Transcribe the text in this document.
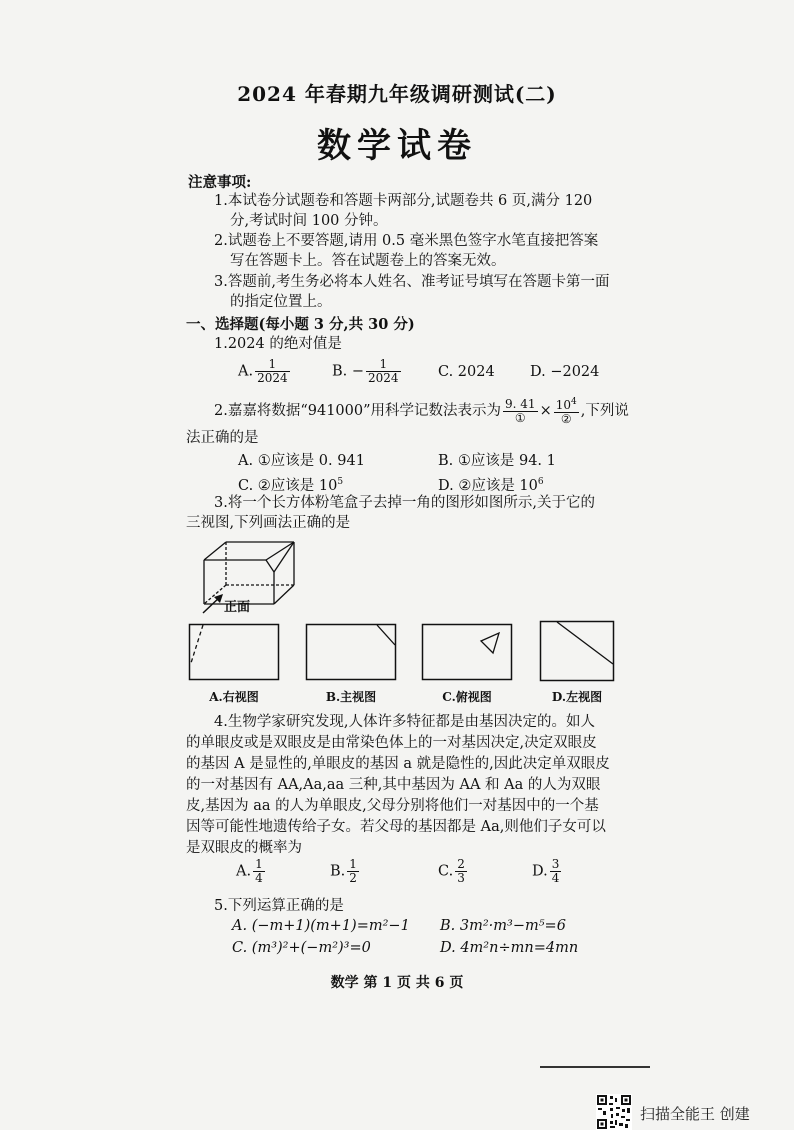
2024 年春期九年级调研测试(二)
数学试卷
注意事项:
1.本试卷分试题卷和答题卡两部分,试题卷共 6 页,满分 120
分,考试时间 100 分钟。
2.试题卷上不要答题,请用 0.5 毫米黑色签字水笔直接把答案
写在答题卡上。答在试题卷上的答案无效。
3.答题前,考生务必将本人姓名、准考证号填写在答题卡第一面
的指定位置上。
一、选择题(每小题 3 分,共 30 分)
1.2024 的绝对值是
A. $\frac{1}{2024}$	B. − $\frac{1}{2024}$	C. 2024 D. −2024
2.嘉嘉将数据“941000”用科学记数法表示为 $\frac{9. 41}{\text{①}} \times \frac{10^4}{\text{②}}$ ,下列说
法正确的是
A. ①应该是 0. 941	B. ①应该是 94. 1
C. ②应该是 $10^5$	D. ②应该是 $10^6$
3.将一个长方体粉笔盒子去掉一角的图形如图所示,关于它的
三视图,下列画法正确的是
正面
A.右视图	B.主视图	C.俯视图	D.左视图
4.生物学家研究发现,人体许多特征都是由基因决定的。如人
的单眼皮或是双眼皮是由常染色体上的一对基因决定,决定双眼皮
的基因 A 是显性的,单眼皮的基因 a 就是隐性的,因此决定单双眼皮
的一对基因有 AA,Aa,aa 三种,其中基因为 AA 和 Aa 的人为双眼
皮,基因为 aa 的人为单眼皮,父母分别将他们一对基因中的一个基
因等可能性地遗传给子女。若父母的基因都是 Aa,则他们子女可以
是双眼皮的概率为
A. $\frac{1}{4}$	B. $\frac{1}{2}$	C. $\frac{2}{3}$	D. $\frac{3}{4}$
5.下列运算正确的是
A. (−m+1)(m+1)=m²−1 B. 3m²·m³−m⁵=6
C. (m³)²+(−m²)³=0	D. 4m²n÷mn=4mn
数学 第 1 页 共 6 页
扫描全能王 创建
